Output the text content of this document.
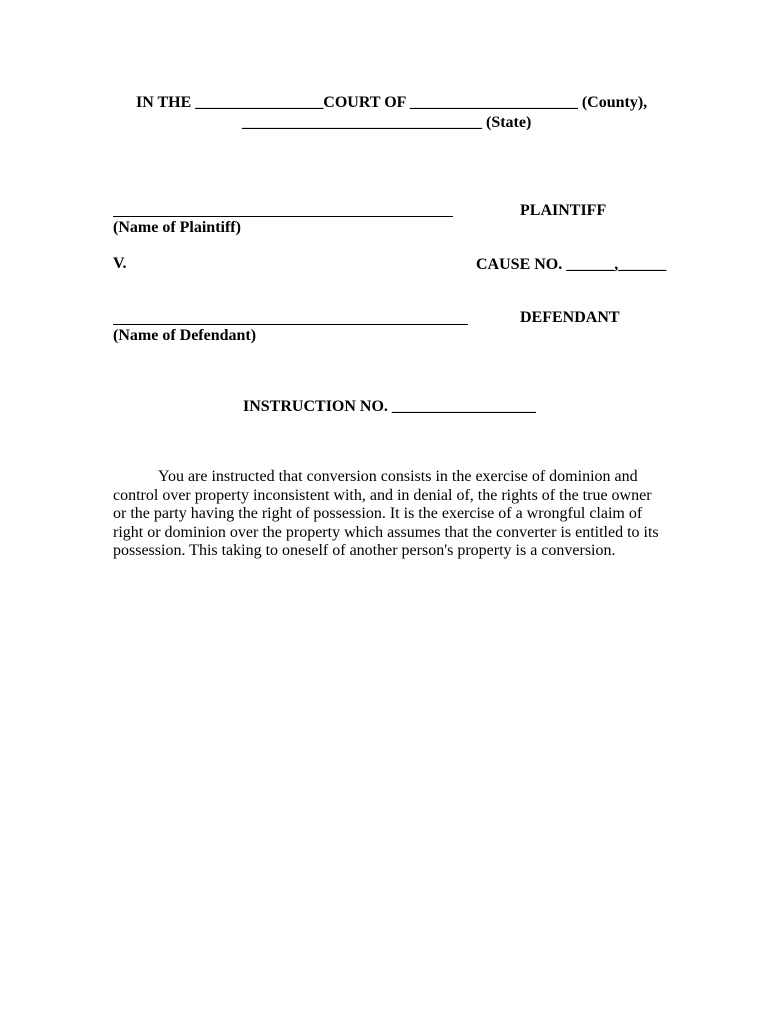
IN THE ________________COURT OF _____________________ (County),
______________________________ (State)
PLAINTIFF
(Name of Plaintiff)
V.	CAUSE NO. ______,______
DEFENDANT
(Name of Defendant)
INSTRUCTION NO. __________________

You are instructed that conversion consists in the exercise of dominion and control over property inconsistent with, and in denial of, the rights of the true owner or the party having the right of possession. It is the exercise of a wrongful claim of right or dominion over the property which assumes that the converter is entitled to its possession. This taking to oneself of another person's property is a conversion.
